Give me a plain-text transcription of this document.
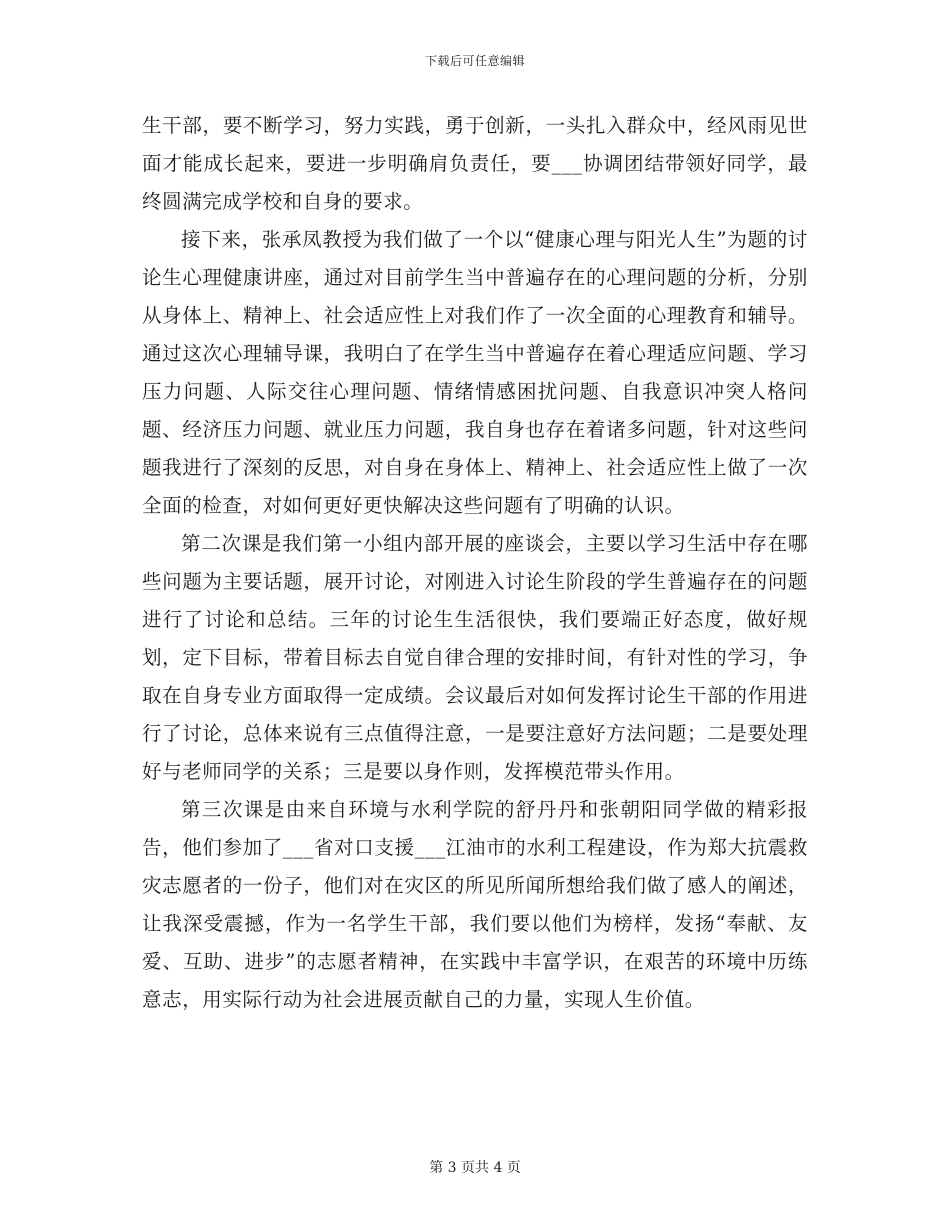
下载后可任意编辑

生干部，要不断学习，努力实践，勇于创新，一头扎入群众中，经风雨见世面才能成长起来，要进一步明确肩负责任，要___协调团结带领好同学，最终圆满完成学校和自身的要求。

接下来，张承凤教授为我们做了一个以“健康心理与阳光人生”为题的讨论生心理健康讲座，通过对目前学生当中普遍存在的心理问题的分析，分别从身体上、精神上、社会适应性上对我们作了一次全面的心理教育和辅导。通过这次心理辅导课，我明白了在学生当中普遍存在着心理适应问题、学习压力问题、人际交往心理问题、情绪情感困扰问题、自我意识冲突人格问题、经济压力问题、就业压力问题，我自身也存在着诸多问题，针对这些问题我进行了深刻的反思，对自身在身体上、精神上、社会适应性上做了一次全面的检查，对如何更好更快解决这些问题有了明确的认识。

第二次课是我们第一小组内部开展的座谈会，主要以学习生活中存在哪些问题为主要话题，展开讨论，对刚进入讨论生阶段的学生普遍存在的问题进行了讨论和总结。三年的讨论生生活很快，我们要端正好态度，做好规划，定下目标，带着目标去自觉自律合理的安排时间，有针对性的学习，争取在自身专业方面取得一定成绩。会议最后对如何发挥讨论生干部的作用进行了讨论，总体来说有三点值得注意，一是要注意好方法问题；二是要处理好与老师同学的关系；三是要以身作则，发挥模范带头作用。

第三次课是由来自环境与水利学院的舒丹丹和张朝阳同学做的精彩报告，他们参加了___省对口支援___江油市的水利工程建设，作为郑大抗震救灾志愿者的一份子，他们对在灾区的所见所闻所想给我们做了感人的阐述，让我深受震撼，作为一名学生干部，我们要以他们为榜样，发扬“奉献、友爱、互助、进步”的志愿者精神，在实践中丰富学识，在艰苦的环境中历练意志，用实际行动为社会进展贡献自己的力量，实现人生价值。

第 3 页共 4 页
